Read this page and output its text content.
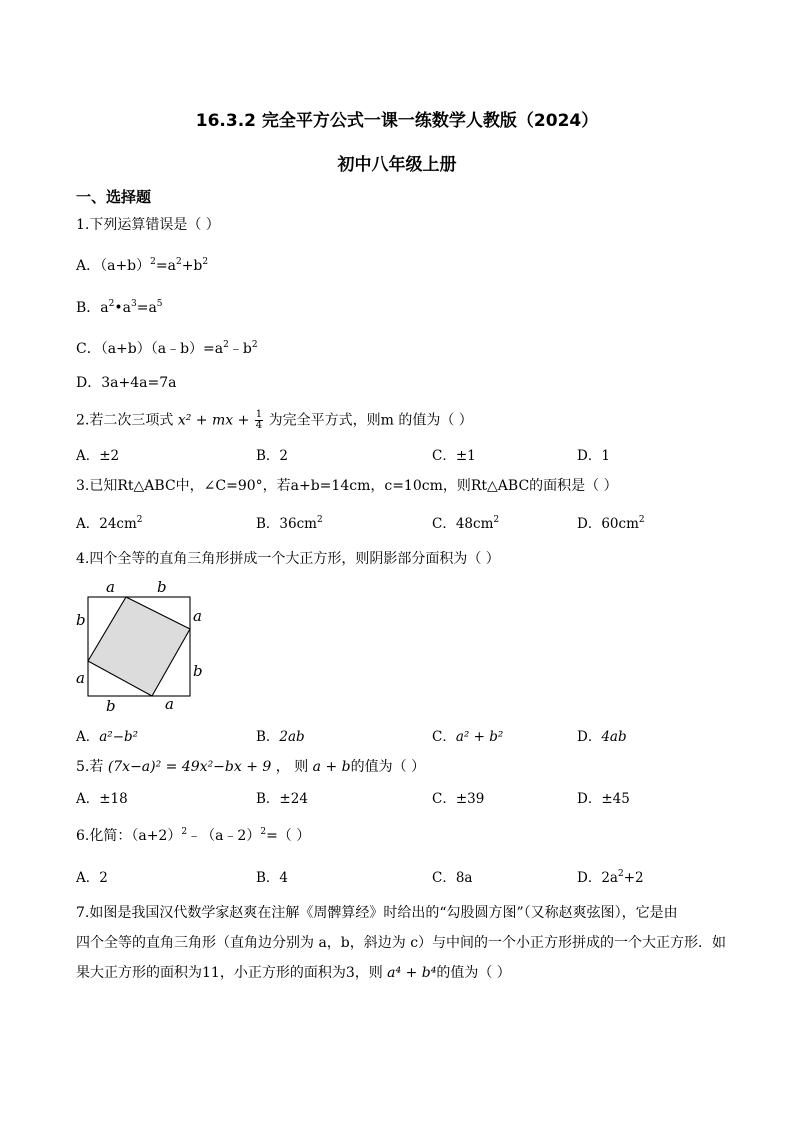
16.3.2 完全平方公式一课一练数学人教版（2024）
初中八年级上册
一、选择题
1.下列运算错误是（ ）
A．$(a+b)^2=a^2+b^2$
B．$a^2•a^3=a^5$
C．$(a+b)(a﹣b)=a^2﹣b^2$
D．3a+4a=7a
2.若二次三项式 x² + mx + $\frac{1}{4}$ 为完全平方式，则m 的值为（ ）
A．±2	B．2	C．±1	D．1
3.已知Rt△ABC中，∠C=90°，若a+b=14cm，c=10cm，则Rt△ABC的面积是（ ）
A．$24cm^2$	B．$36cm^2$	C．$48cm^2$	D．$60cm^2$
4.四个全等的直角三角形拼成一个大正方形，则阴影部分面积为（ ）
a	b
a
b
b	a
b
a
A．a²−b²	B．2ab	C．a² + b²	D．4ab
5.若 (7x−a)² = 49x²−bx + 9 ， 则 a + b的值为（ ）
A．±18	B．±24	C．±39	D．±45
6.化简：$(a+2)^2﹣(a﹣2)^2=$（ ）
A．2	B．4	C．8a	D．$2a^2+2$
7.如图是我国汉代数学家赵爽在注解《周髀算经》时给出的“勾股圆方图”（又称赵爽弦图），它是由
四个全等的直角三角形（直角边分别为 a，b，斜边为 c）与中间的一个小正方形拼成的一个大正方形．如
果大正方形的面积为11，小正方形的面积为3，则 a⁴ + b⁴的值为（ ）
